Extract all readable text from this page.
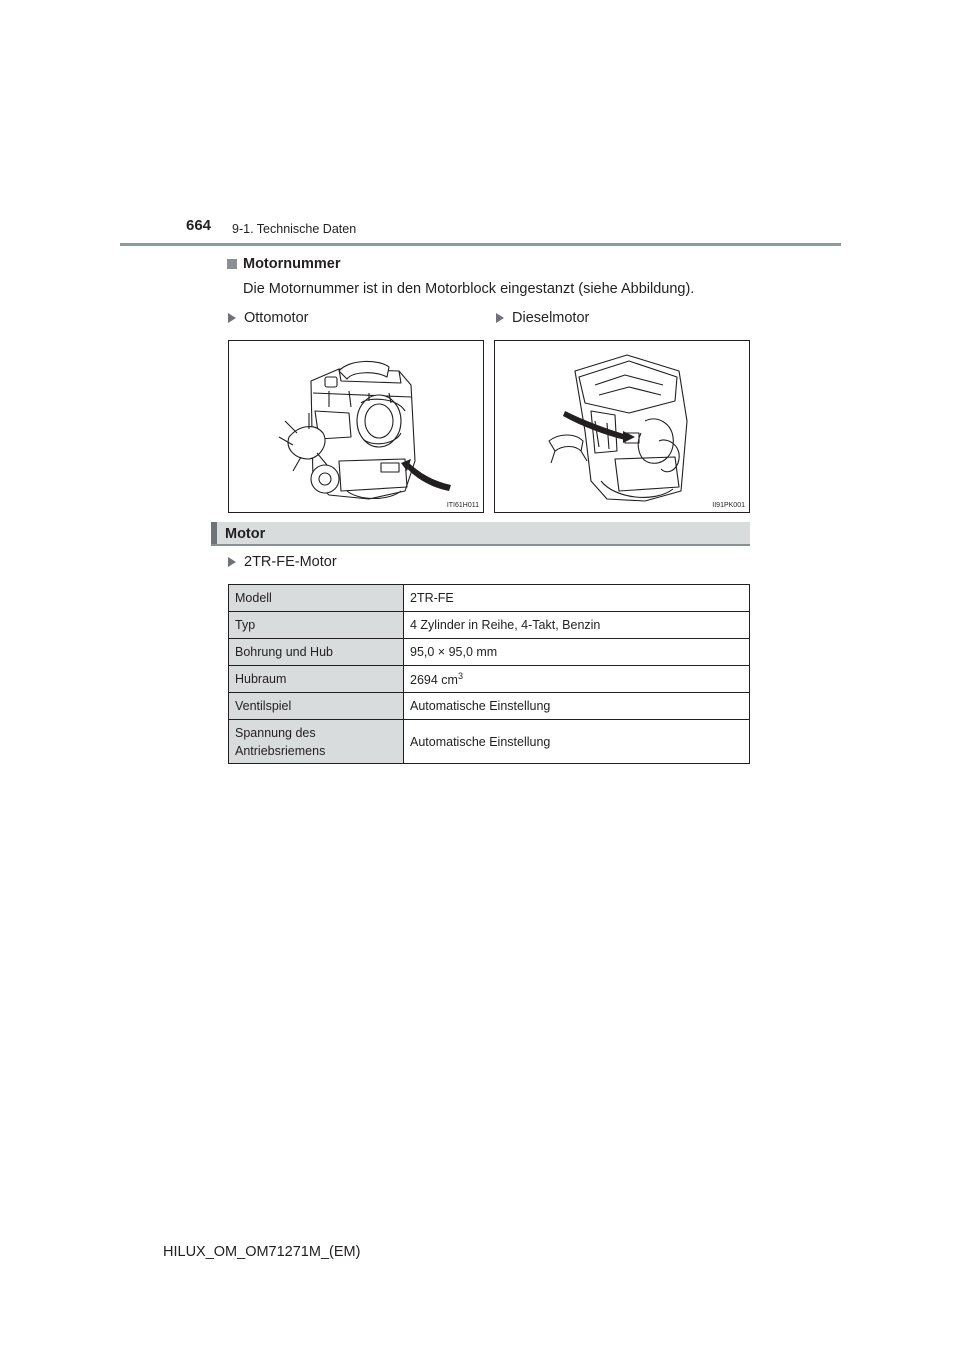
664 9-1. Technische Daten
Motornummer
Die Motornummer ist in den Motorblock eingestanzt (siehe Abbildung).
Ottomotor	Dieselmotor
ITI61H011	II91PK001
Motor
2TR-FE-Motor
Modell	2TR-FE
Typ	4 Zylinder in Reihe, 4-Takt, Benzin
Bohrung und Hub	95,0 × 95,0 mm
Hubraum	2694 $cm^3$
Ventilspiel	Automatische Einstellung
Spannung des Antriebsriemens	Automatische Einstellung
HILUX_OM_OM71271M_(EM)
